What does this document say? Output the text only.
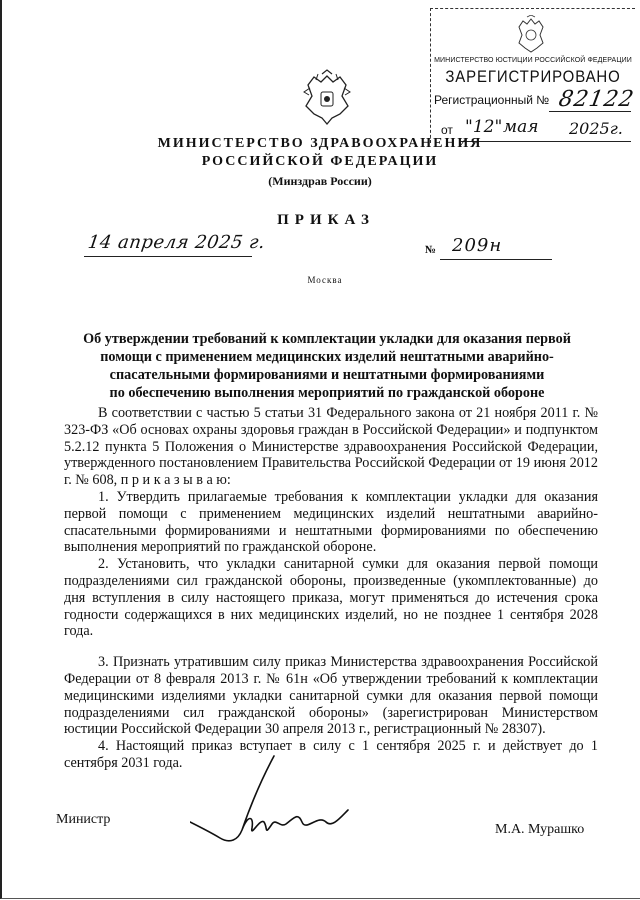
МИНИСТЕРСТВО ЮСТИЦИИ РОССИЙСКОЙ ФЕДЕРАЦИИ
ЗАРЕГИСТРИРОВАНО
Регистрационный № 82122
от "12" мая 2025г.
МИНИСТЕРСТВО ЗДРАВООХРАНЕНИЯ
РОССИЙСКОЙ ФЕДЕРАЦИИ
(Минздрав России)
ПРИКАЗ
14 апреля 2025 г.	№ 209н
Москва
Об утверждении требований к комплектации укладки для оказания первой
помощи с применением медицинских изделий нештатными аварийно-
спасательными формированиями и нештатными формированиями
по обеспечению выполнения мероприятий по гражданской обороне

В соответствии с частью 5 статьи 31 Федерального закона от 21 ноября 2011 г. № 323-ФЗ «Об основах охраны здоровья граждан в Российской Федерации» и подпунктом 5.2.12 пункта 5 Положения о Министерстве здравоохранения Российской Федерации, утвержденного постановлением Правительства Российской Федерации от 19 июня 2012 г. № 608, п р и к а з ы в а ю:

1. Утвердить прилагаемые требования к комплектации укладки для оказания первой помощи с применением медицинских изделий нештатными аварийно-спасательными формированиями и нештатными формированиями по обеспечению выполнения мероприятий по гражданской обороне.

2. Установить, что укладки санитарной сумки для оказания первой помощи подразделениями сил гражданской обороны, произведенные (укомплектованные) до дня вступления в силу настоящего приказа, могут применяться до истечения срока годности содержащихся в них медицинских изделий, но не позднее 1 сентября 2028 года.

3. Признать утратившим силу приказ Министерства здравоохранения Российской Федерации от 8 февраля 2013 г. № 61н «Об утверждении требований к комплектации медицинскими изделиями укладки санитарной сумки для оказания первой помощи подразделениями сил гражданской обороны» (зарегистрирован Министерством юстиции Российской Федерации 30 апреля 2013 г., регистрационный № 28307).

4. Настоящий приказ вступает в силу с 1 сентября 2025 г. и действует до 1 сентября 2031 года.

Министр
М.А. Мурашко
